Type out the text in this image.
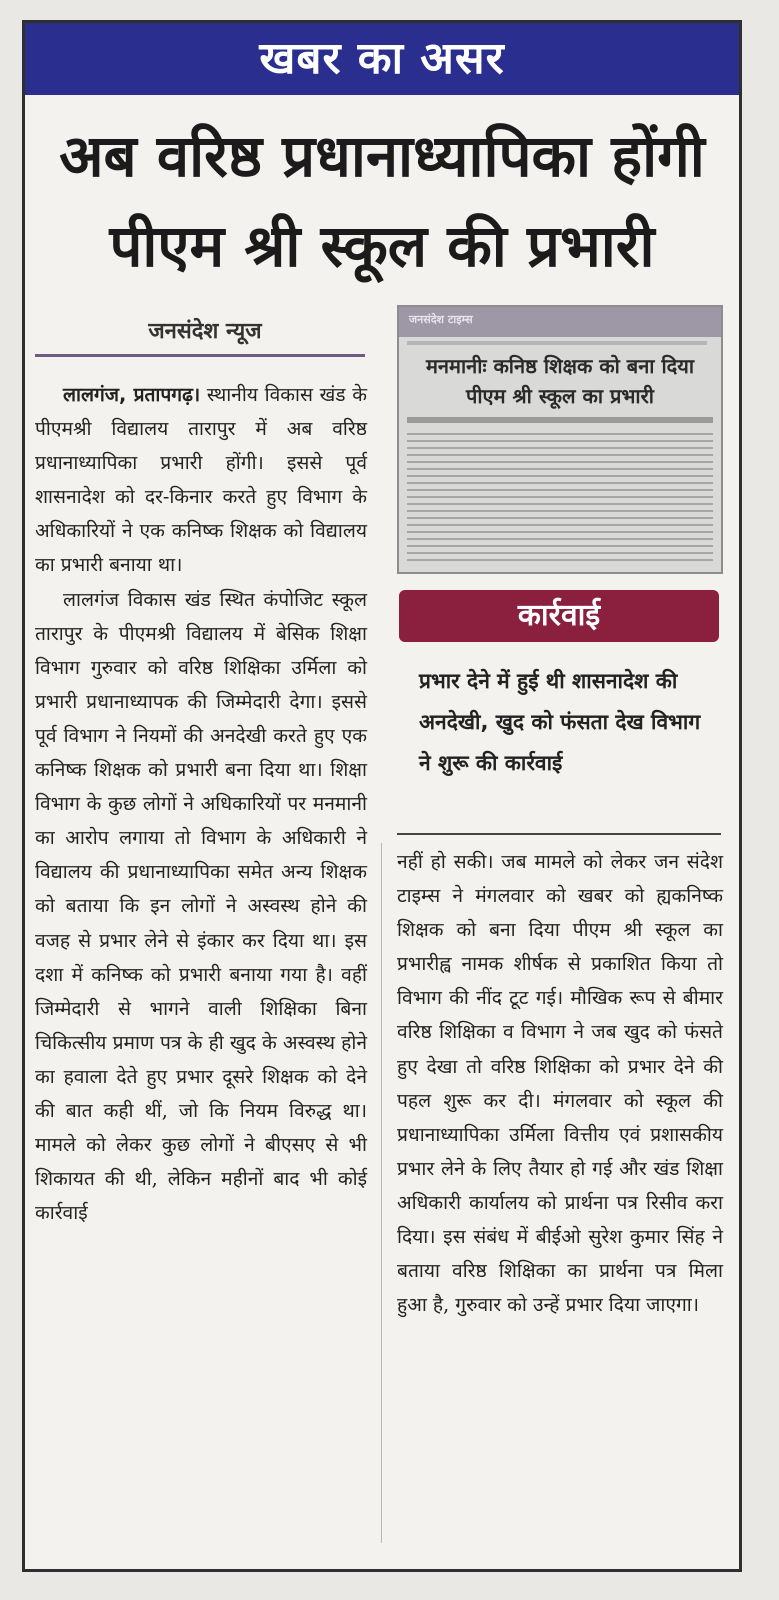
खबर का असर
अब वरिष्ठ प्रधानाध्यापिका होंगी
पीएम श्री स्कूल की प्रभारी
जनसंदेश न्यूज

लालगंज, प्रतापगढ़। स्थानीय विकास खंड के पीएमश्री विद्यालय तारापुर में अब वरिष्ठ प्रधानाध्यापिका प्रभारी होंगी। इससे पूर्व शासनादेश को दर-किनार करते हुए विभाग के अधिकारियों ने एक कनिष्क शिक्षक को विद्यालय का प्रभारी बनाया था।

लालगंज विकास खंड स्थित कंपोजिट स्कूल तारापुर के पीएमश्री विद्यालय में बेसिक शिक्षा विभाग गुरुवार को वरिष्ठ शिक्षिका उर्मिला को प्रभारी प्रधानाध्यापक की जिम्मेदारी देगा। इससे पूर्व विभाग ने नियमों की अनदेखी करते हुए एक कनिष्क शिक्षक को प्रभारी बना दिया था। शिक्षा विभाग के कुछ लोगों ने अधिकारियों पर मनमानी का आरोप लगाया तो विभाग के अधिकारी ने विद्यालय की प्रधानाध्यापिका समेत अन्य शिक्षक को बताया कि इन लोगों ने अस्वस्थ होने की वजह से प्रभार लेने से इंकार कर दिया था। इस दशा में कनिष्क को प्रभारी बनाया गया है। वहीं जिम्मेदारी से भागने वाली शिक्षिका बिना चिकित्सीय प्रमाण पत्र के ही खुद के अस्वस्थ होने का हवाला देते हुए प्रभार दूसरे शिक्षक को देने की बात कही थीं, जो कि नियम विरुद्ध था। मामले को लेकर कुछ लोगों ने बीएसए से भी शिकायत की थी, लेकिन महीनों बाद भी कोई कार्रवाई

जनसंदेश टाइम्स
मनमानीः कनिष्ठ शिक्षक को बना दिया पीएम श्री स्कूल का प्रभारी
कार्रवाई
प्रभार देने में हुई थी शासनादेश की अनदेखी, खुद को फंसता देख विभाग ने शुरू की कार्रवाई

नहीं हो सकी। जब मामले को लेकर जन संदेश टाइम्स ने मंगलवार को खबर को ह्यकनिष्क शिक्षक को बना दिया पीएम श्री स्कूल का प्रभारीह्व नामक शीर्षक से प्रकाशित किया तो विभाग की नींद टूट गई। मौखिक रूप से बीमार वरिष्ठ शिक्षिका व विभाग ने जब खुद को फंसते हुए देखा तो वरिष्ठ शिक्षिका को प्रभार देने की पहल शुरू कर दी। मंगलवार को स्कूल की प्रधानाध्यापिका उर्मिला वित्तीय एवं प्रशासकीय प्रभार लेने के लिए तैयार हो गई और खंड शिक्षा अधिकारी कार्यालय को प्रार्थना पत्र रिसीव करा दिया। इस संबंध में बीईओ सुरेश कुमार सिंह ने बताया वरिष्ठ शिक्षिका का प्रार्थना पत्र मिला हुआ है, गुरुवार को उन्हें प्रभार दिया जाएगा।
